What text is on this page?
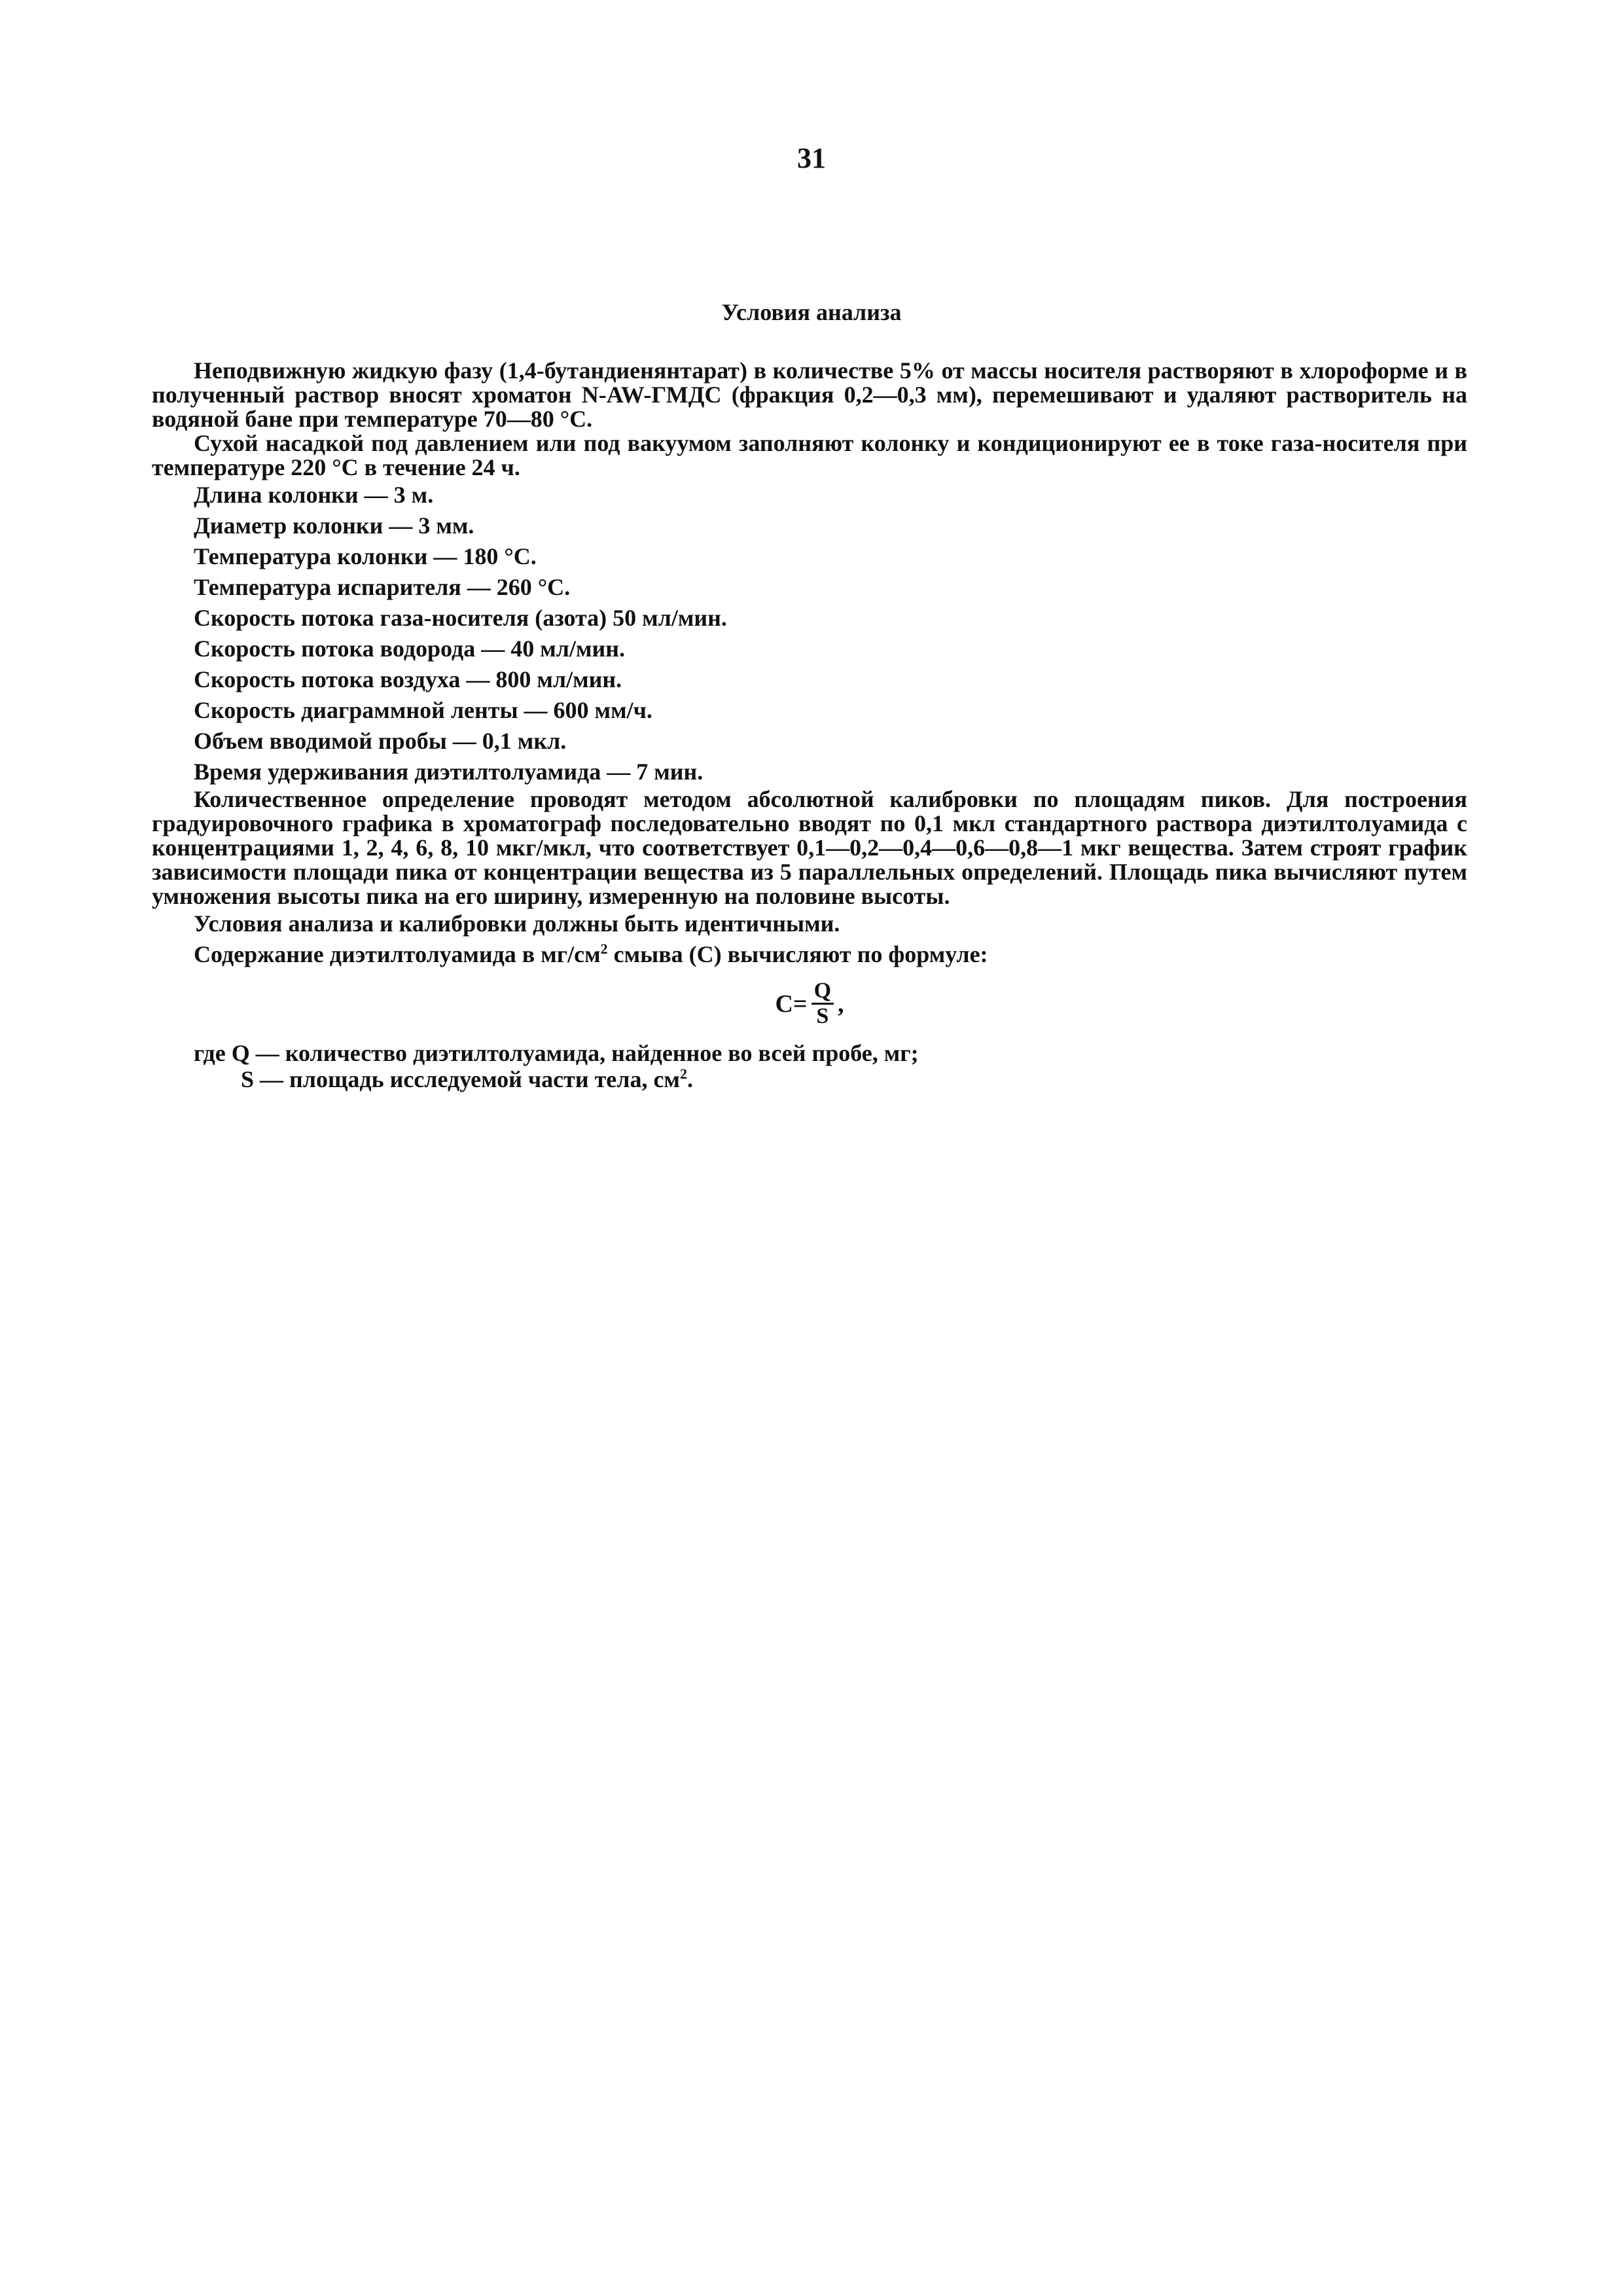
31
Условия анализа

Неподвижную жидкую фазу (1,4-бутандиенянтарат) в количестве 5% от массы носителя растворяют в хлороформе и в полученный раствор вносят хроматон N-AW-ГМДС (фракция 0,2—0,3 мм), перемешивают и удаляют растворитель на водяной бане при температуре 70—80 °С.

Сухой насадкой под давлением или под вакуумом заполняют колонку и кондиционируют ее в токе газа-носителя при температуре 220 °С в течение 24 ч.

Длина колонки — 3 м.

Диаметр колонки — 3 мм.

Температура колонки — 180 °С.

Температура испарителя — 260 °С.

Скорость потока газа-носителя (азота) 50 мл/мин.

Скорость потока водорода — 40 мл/мин.

Скорость потока воздуха — 800 мл/мин.

Скорость диаграммной ленты — 600 мм/ч.

Объем вводимой пробы — 0,1 мкл.

Время удерживания диэтилтолуамида — 7 мин.

Количественное определение проводят методом абсолютной калибровки по площадям пиков. Для построения градуировочного графика в хроматограф последовательно вводят по 0,1 мкл стандартного раствора диэтилтолуамида с концентрациями 1, 2, 4, 6, 8, 10 мкг/мкл, что соответствует 0,1—0,2—0,4—0,6—0,8—1 мкг вещества. Затем строят график зависимости площади пика от концентрации вещества из 5 параллельных определений. Площадь пика вычисляют путем умножения высоты пика на его ширину, измеренную на половине высоты.

Условия анализа и калибровки должны быть идентичными.

Содержание диэтилтолуамида в $мг/см^2$ смыва (С) вычисляют по формуле:

$C = \frac{Q}{S}$ ,

где Q — количество диэтилтолуамида, найденное во всей пробе, мг;

S — площадь исследуемой части тела, $см^2$.
